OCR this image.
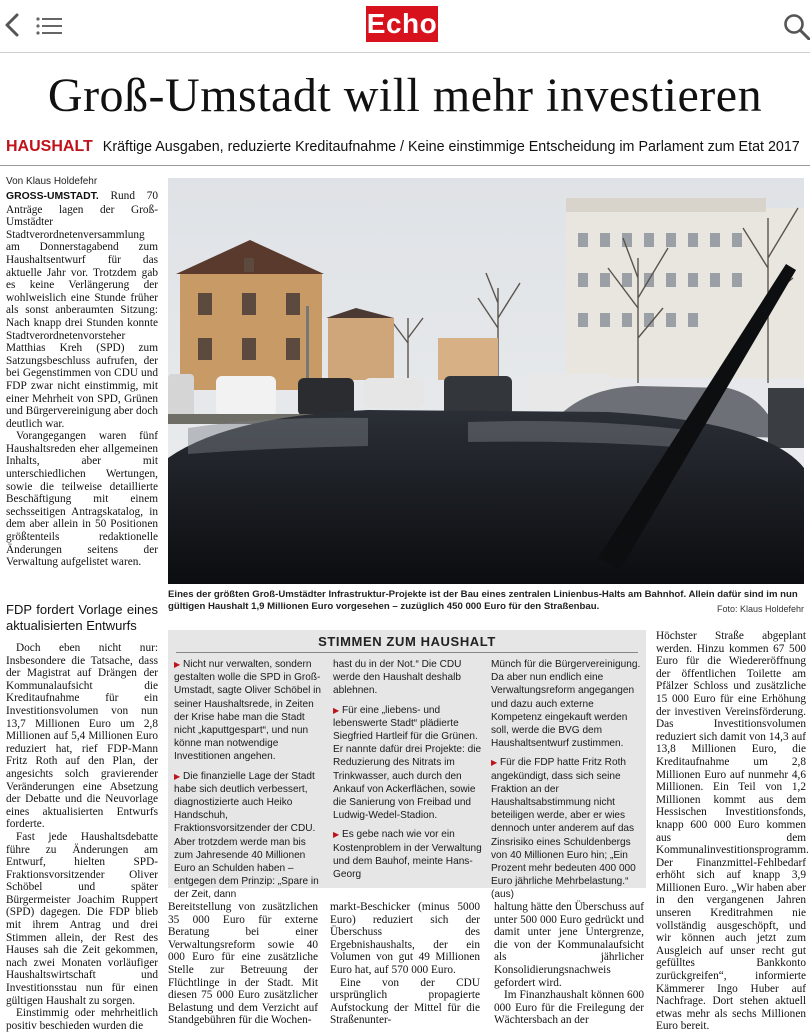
Echo
Groß-Umstadt will mehr investieren
HAUSHALT Kräftige Ausgaben, reduzierte Kreditaufnahme / Keine einstimmige Entscheidung im Parlament zum Etat 2017
Von Klaus Holdefehr

GROSS-UMSTADT. Rund 70 Anträge lagen der Groß-Umstädter Stadtverordnetenversammlung am Donnerstagabend zum Haushaltsentwurf für das aktuelle Jahr vor. Trotzdem gab es keine Verlängerung der wohlweislich eine Stunde früher als sonst anberaumten Sitzung: Nach knapp drei Stunden konnte Stadtverordnetenvorsteher Matthias Kreh (SPD) zum Satzungsbeschluss aufrufen, der bei Gegenstimmen von CDU und FDP zwar nicht einstimmig, mit einer Mehrheit von SPD, Grünen und Bürgervereinigung aber doch deutlich war.

Vorangegangen waren fünf Haushaltsreden eher allgemeinen Inhalts, aber mit unterschiedlichen Wertungen, sowie die teilweise detaillierte Beschäftigung mit einem sechsseitigen Antragskatalog, in dem aber allein in 50 Positionen größtenteils redaktionelle Änderungen seitens der Verwaltung aufgelistet waren.

FDP fordert Vorlage eines aktualisierten Entwurfs

Doch eben nicht nur: Insbesondere die Tatsache, dass der Magistrat auf Drängen der Kommunalaufsicht die Kreditaufnahme für ein Investitionsvolumen von nun 13,7 Millionen Euro um 2,8 Millionen auf 5,4 Millionen Euro reduziert hat, rief FDP-Mann Fritz Roth auf den Plan, der angesichts solch gravierender Veränderungen eine Absetzung der Debatte und die Neuvorlage eines aktualisierten Entwurfs forderte.

Fast jede Haushaltsdebatte führe zu Änderungen am Entwurf, hielten SPD-Fraktionsvorsitzender Oliver Schöbel und später Bürgermeister Joachim Ruppert (SPD) dagegen. Die FDP blieb mit ihrem Antrag und drei Stimmen allein, der Rest des Hauses sah die Zeit gekommen, nach zwei Monaten vorläufiger Haushaltswirtschaft und Investitionsstau nun für einen gültigen Haushalt zu sorgen.

Einstimmig oder mehrheitlich positiv beschieden wurden die

Eines der größten Groß-Umstädter Infrastruktur-Projekte ist der Bau eines zentralen Linienbus-Halts am Bahnhof. Allein dafür sind im nun gültigen Haushalt 1,9 Millionen Euro vorgesehen – zuzüglich 450 000 Euro für den Straßenbau.	Foto: Klaus Holdefehr
STIMMEN ZUM HAUSHALT

▶ Nicht nur verwalten, sondern gestalten wolle die SPD in Groß-Umstadt, sagte Oliver Schöbel in seiner Haushaltsrede, in Zeiten der Krise habe man die Stadt nicht „kaputtgespart“, und nun könne man notwendige Investitionen angehen.

▶ Die finanzielle Lage der Stadt habe sich deutlich verbessert, diagnostizierte auch Heiko Handschuh, Fraktionsvorsitzender der CDU. Aber trotzdem werde man bis zum Jahresende 40 Millionen Euro an Schulden haben – entgegen dem Prinzip: „Spare in der Zeit, dann

hast du in der Not.“ Die CDU werde den Haushalt deshalb ablehnen.

▶ Für eine „liebens- und lebenswerte Stadt“ plädierte Siegfried Hartleif für die Grünen. Er nannte dafür drei Projekte: die Reduzierung des Nitrats im Trinkwasser, auch durch den Ankauf von Ackerflächen, sowie die Sanierung von Freibad und Ludwig-Wedel-Stadion.

▶ Es gebe nach wie vor ein Kostenproblem in der Verwaltung und dem Bauhof, meinte Hans-Georg

Münch für die Bürgervereinigung. Da aber nun endlich eine Verwaltungsreform angegangen und dazu auch externe Kompetenz eingekauft werden soll, werde die BVG dem Haushaltsentwurf zustimmen.

▶ Für die FDP hatte Fritz Roth angekündigt, dass sich seine Fraktion an der Haushaltsabstimmung nicht beteiligen werde, aber er wies dennoch unter anderem auf das Zinsrisiko eines Schuldenbergs von 40 Millionen Euro hin; „Ein Prozent mehr bedeuten 400 000 Euro jährliche Mehrbelastung.“ (aus)

Bereitstellung von zusätzlichen 35 000 Euro für externe Beratung bei einer Verwaltungsreform sowie 40 000 Euro für eine zusätzliche Stelle zur Betreuung der Flüchtlinge in der Stadt. Mit diesen 75 000 Euro zusätzlicher Belastung und dem Verzicht auf Standgebühren für die Wochen-

markt-Beschicker (minus 5000 Euro) reduziert sich der Überschuss des Ergebnishaushalts, der ein Volumen von gut 49 Millionen Euro hat, auf 570 000 Euro.

Eine von der CDU ursprünglich propagierte Aufstockung der Mittel für die Straßenunter-

haltung hätte den Überschuss auf unter 500 000 Euro gedrückt und damit unter jene Untergrenze, die von der Kommunalaufsicht als jährlicher Konsolidierungsnachweis gefordert wird.

Im Finanzhaushalt können 600 000 Euro für die Freilegung der Wächtersbach an der

Höchster Straße abgeplant werden. Hinzu kommen 67 500 Euro für die Wiedereröffnung der öffentlichen Toilette am Pfälzer Schloss und zusätzliche 15 000 Euro für eine Erhöhung der investiven Vereinsförderung. Das Investitionsvolumen reduziert sich damit von 14,3 auf 13,8 Millionen Euro, die Kreditaufnahme um 2,8 Millionen Euro auf nunmehr 4,6 Millionen. Ein Teil von 1,2 Millionen kommt aus dem Hessischen Investitionsfonds, knapp 600 000 Euro kommen aus dem Kommunalinvestitionsprogramm. Der Finanzmittel-Fehlbedarf erhöht sich auf knapp 3,9 Millionen Euro. „Wir haben aber in den vergangenen Jahren unseren Kreditrahmen nie vollständig ausgeschöpft, und wir können auch jetzt zum Ausgleich auf unser recht gut gefülltes Bankkonto zurückgreifen“, informierte Kämmerer Ingo Huber auf Nachfrage. Dort stehen aktuell etwas mehr als sechs Millionen Euro bereit.
